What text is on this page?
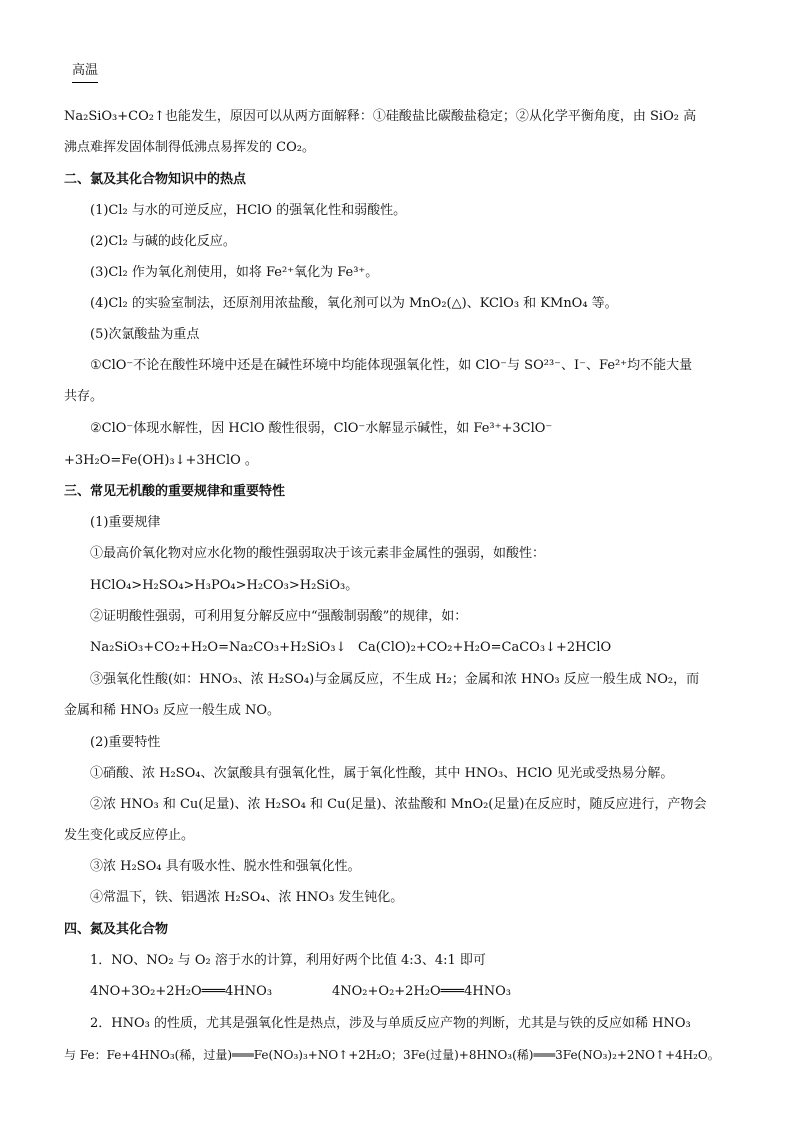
高温
Na₂SiO₃+CO₂↑也能发生，原因可以从两方面解释：①硅酸盐比碳酸盐稳定；②从化学平衡角度，由 SiO₂ 高
沸点难挥发固体制得低沸点易挥发的 CO₂。
二、氯及其化合物知识中的热点
(1)Cl₂ 与水的可逆反应，HClO 的强氧化性和弱酸性。
(2)Cl₂ 与碱的歧化反应。
(3)Cl₂ 作为氧化剂使用，如将 Fe²⁺氧化为 Fe³⁺。
(4)Cl₂ 的实验室制法，还原剂用浓盐酸，氧化剂可以为 MnO₂(△)、KClO₃ 和 KMnO₄ 等。
(5)次氯酸盐为重点
①ClO⁻不论在酸性环境中还是在碱性环境中均能体现强氧化性，如 ClO⁻与 SO²³⁻、I⁻、Fe²⁺均不能大量
共存。
②ClO⁻体现水解性，因 HClO 酸性很弱，ClO⁻水解显示碱性，如 Fe³⁺+3ClO⁻
+3H₂O=Fe(OH)₃↓+3HClO 。
三、常见无机酸的重要规律和重要特性
(1)重要规律
①最高价氧化物对应水化物的酸性强弱取决于该元素非金属性的强弱，如酸性：
HClO₄>H₂SO₄>H₃PO₄>H₂CO₃>H₂SiO₃。
②证明酸性强弱，可利用复分解反应中“强酸制弱酸”的规律，如：
Na₂SiO₃+CO₂+H₂O=Na₂CO₃+H₂SiO₃↓ Ca(ClO)₂+CO₂+H₂O=CaCO₃↓+2HClO
③强氧化性酸(如：HNO₃、浓 H₂SO₄)与金属反应，不生成 H₂；金属和浓 HNO₃ 反应一般生成 NO₂，而
金属和稀 HNO₃ 反应一般生成 NO。
(2)重要特性
①硝酸、浓 H₂SO₄、次氯酸具有强氧化性，属于氧化性酸，其中 HNO₃、HClO 见光或受热易分解。
②浓 HNO₃ 和 Cu(足量)、浓 H₂SO₄ 和 Cu(足量)、浓盐酸和 MnO₂(足量)在反应时，随反应进行，产物会
发生变化或反应停止。
③浓 H₂SO₄ 具有吸水性、脱水性和强氧化性。
④常温下，铁、铝遇浓 H₂SO₄、浓 HNO₃ 发生钝化。
四、氮及其化合物
1．NO、NO₂ 与 O₂ 溶于水的计算，利用好两个比值 4:3、4:1 即可
4NO+3O₂+2H₂O═══4HNO₃	4NO₂+O₂+2H₂O═══4HNO₃
2．HNO₃ 的性质，尤其是强氧化性是热点，涉及与单质反应产物的判断，尤其是与铁的反应如稀 HNO₃
与 Fe：Fe+4HNO₃(稀，过量)═══Fe(NO₃)₃+NO↑+2H₂O；3Fe(过量)+8HNO₃(稀)═══3Fe(NO₃)₂+2NO↑+4H₂O。
